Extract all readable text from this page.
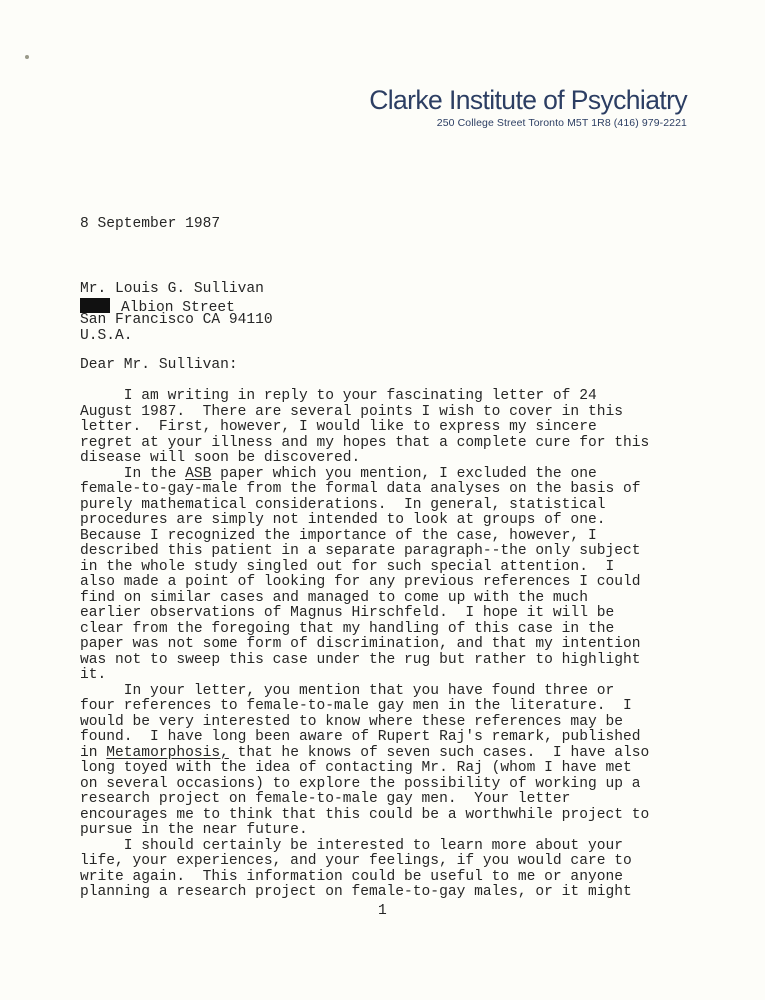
Clarke Institute of Psychiatry
250 College Street Toronto M5T 1R8 (416) 979-2221
8 September 1987
Mr. Louis G. Sullivan
Albion Street
San Francisco CA 94110
U.S.A.
Dear Mr. Sullivan:
I am writing in reply to your fascinating letter of 24
August 1987.  There are several points I wish to cover in this
letter.  First, however, I would like to express my sincere
regret at your illness and my hopes that a complete cure for this
disease will soon be discovered.
In the ASB paper which you mention, I excluded the one
female-to-gay-male from the formal data analyses on the basis of
purely mathematical considerations.  In general, statistical
procedures are simply not intended to look at groups of one.
Because I recognized the importance of the case, however, I
described this patient in a separate paragraph--the only subject
in the whole study singled out for such special attention.  I
also made a point of looking for any previous references I could
find on similar cases and managed to come up with the much
earlier observations of Magnus Hirschfeld.  I hope it will be
clear from the foregoing that my handling of this case in the
paper was not some form of discrimination, and that my intention
was not to sweep this case under the rug but rather to highlight
it.
In your letter, you mention that you have found three or
four references to female-to-male gay men in the literature.  I
would be very interested to know where these references may be
found.  I have long been aware of Rupert Raj's remark, published
in Metamorphosis, that he knows of seven such cases.  I have also
long toyed with the idea of contacting Mr. Raj (whom I have met
on several occasions) to explore the possibility of working up a
research project on female-to-male gay men.  Your letter
encourages me to think that this could be a worthwhile project to
pursue in the near future.
I should certainly be interested to learn more about your
life, your experiences, and your feelings, if you would care to
write again.  This information could be useful to me or anyone
planning a research project on female-to-gay males, or it might
1
